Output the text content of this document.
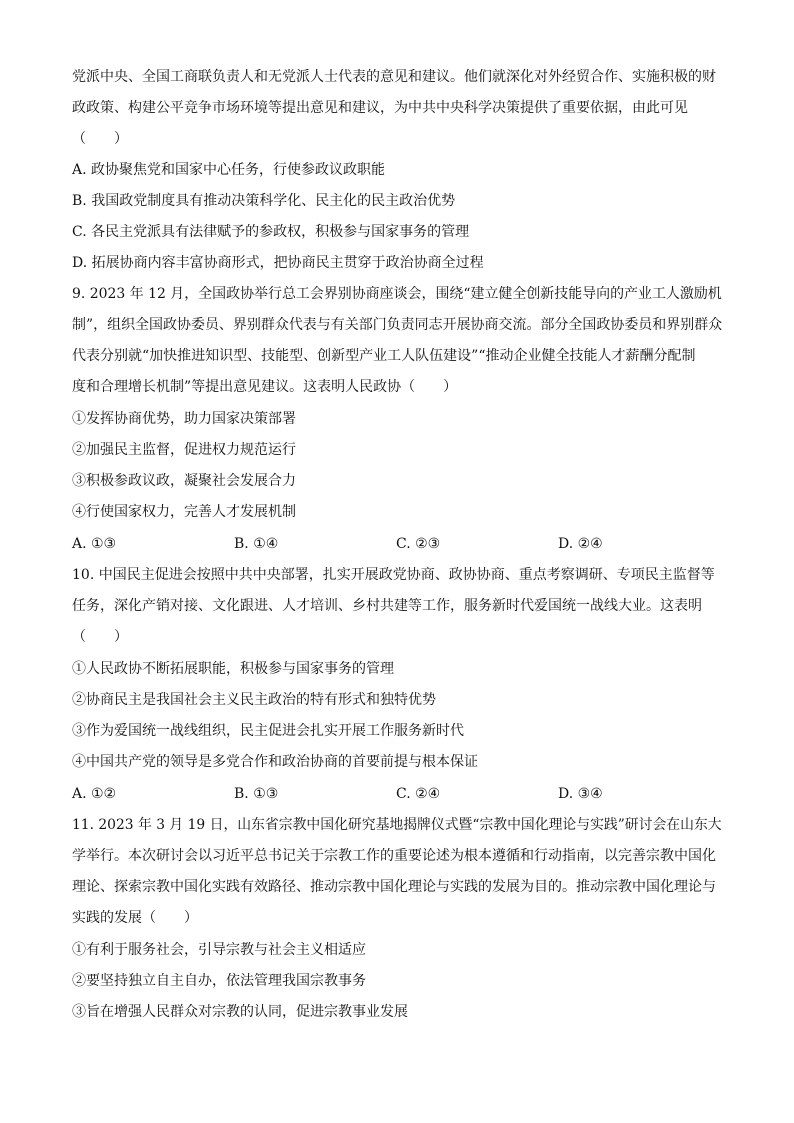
党派中央、全国工商联负责人和无党派人士代表的意见和建议。他们就深化对外经贸合作、实施积极的财
政政策、构建公平竞争市场环境等提出意见和建议，为中共中央科学决策提供了重要依据，由此可见
（　　）
A. 政协聚焦党和国家中心任务，行使参政议政职能
B. 我国政党制度具有推动决策科学化、民主化的民主政治优势
C. 各民主党派具有法律赋予的参政权，积极参与国家事务的管理
D. 拓展协商内容丰富协商形式，把协商民主贯穿于政治协商全过程
9. 2023 年 12 月，全国政协举行总工会界别协商座谈会，围绕“建立健全创新技能导向的产业工人激励机
制”，组织全国政协委员、界别群众代表与有关部门负责同志开展协商交流。部分全国政协委员和界别群众
代表分别就“加快推进知识型、技能型、创新型产业工人队伍建设”“推动企业健全技能人才薪酬分配制
度和合理增长机制”等提出意见建议。这表明人民政协（　　）
①发挥协商优势，助力国家决策部署
②加强民主监督，促进权力规范运行
③积极参政议政，凝聚社会发展合力
④行使国家权力，完善人才发展机制
A. ①③	B. ①④	C. ②③	D. ②④
10. 中国民主促进会按照中共中央部署，扎实开展政党协商、政协协商、重点考察调研、专项民主监督等
任务，深化产销对接、文化跟进、人才培训、乡村共建等工作，服务新时代爱国统一战线大业。这表明
（　　）
①人民政协不断拓展职能，积极参与国家事务的管理
②协商民主是我国社会主义民主政治的特有形式和独特优势
③作为爱国统一战线组织，民主促进会扎实开展工作服务新时代
④中国共产党的领导是多党合作和政治协商的首要前提与根本保证
A. ①②	B. ①③	C. ②④	D. ③④
11. 2023 年 3 月 19 日，山东省宗教中国化研究基地揭牌仪式暨“宗教中国化理论与实践”研讨会在山东大
学举行。本次研讨会以习近平总书记关于宗教工作的重要论述为根本遵循和行动指南，以完善宗教中国化
理论、探索宗教中国化实践有效路径、推动宗教中国化理论与实践的发展为目的。推动宗教中国化理论与
实践的发展（　　）
①有利于服务社会，引导宗教与社会主义相适应
②要坚持独立自主自办，依法管理我国宗教事务
③旨在增强人民群众对宗教的认同，促进宗教事业发展
